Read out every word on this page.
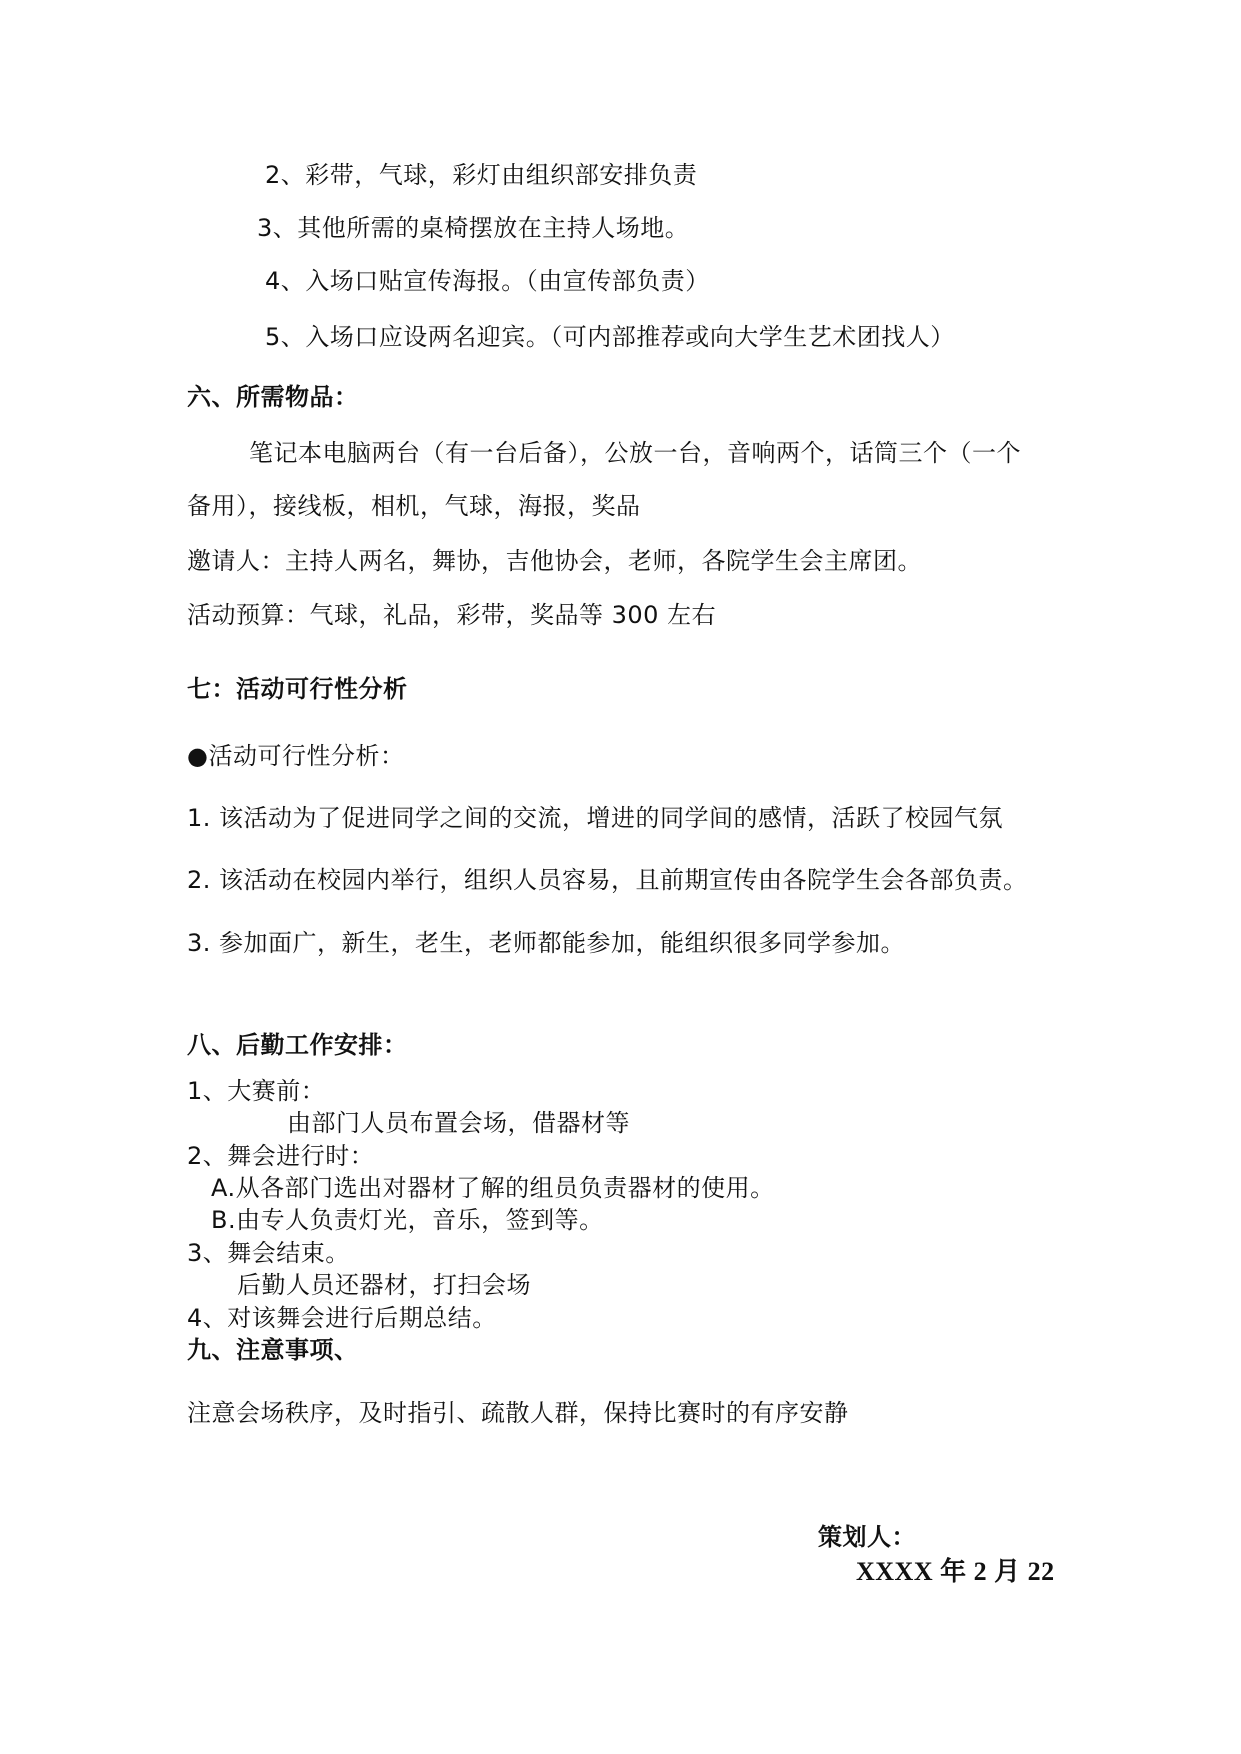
2、彩带，气球，彩灯由组织部安排负责
3、其他所需的桌椅摆放在主持人场地。
4、入场口贴宣传海报。（由宣传部负责）
5、入场口应设两名迎宾。（可内部推荐或向大学生艺术团找人）
六、所需物品：
笔记本电脑两台（有一台后备），公放一台，音响两个，话筒三个（一个
备用），接线板，相机，气球，海报，奖品
邀请人：主持人两名，舞协，吉他协会，老师，各院学生会主席团。
活动预算：气球，礼品，彩带，奖品等 300 左右
七：活动可行性分析
●活动可行性分析：
1. 该活动为了促进同学之间的交流，增进的同学间的感情，活跃了校园气氛
2. 该活动在校园内举行，组织人员容易，且前期宣传由各院学生会各部负责。
3. 参加面广，新生，老生，老师都能参加，能组织很多同学参加。
八、后勤工作安排：
1、大赛前：
由部门人员布置会场，借器材等
2、舞会进行时：
A.从各部门选出对器材了解的组员负责器材的使用。
B.由专人负责灯光，音乐，签到等。
3、舞会结束。
后勤人员还器材，打扫会场
4、对该舞会进行后期总结。
九、注意事项、
注意会场秩序，及时指引、疏散人群，保持比赛时的有序安静
策划人：
XXXX 年 2 月 22
